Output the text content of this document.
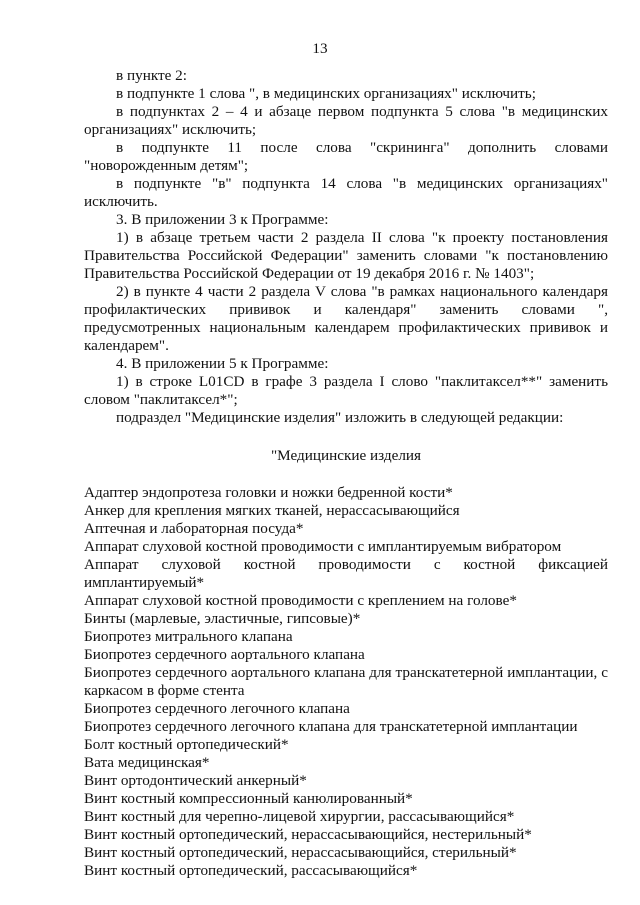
13

в пункте 2:

в подпункте 1 слова ", в медицинских организациях" исключить;

в подпунктах 2 – 4 и абзаце первом подпункта 5 слова "в медицинских организациях" исключить;

в подпункте 11 после слова "скрининга" дополнить словами "новорожденным детям";

в подпункте "в" подпункта 14 слова "в медицинских организациях" исключить.

3. В приложении 3 к Программе:

1) в абзаце третьем части 2 раздела II слова "к проекту постановления Правительства Российской Федерации" заменить словами "к постановлению Правительства Российской Федерации от 19 декабря 2016 г. № 1403";

2) в пункте 4 части 2 раздела V слова "в рамках национального календаря профилактических прививок и календаря" заменить словами ", предусмотренных национальным календарем профилактических прививок и календарем".

4. В приложении 5 к Программе:

1) в строке L01CD в графе 3 раздела I слово "паклитаксел**" заменить словом "паклитаксел*";

подраздел "Медицинские изделия" изложить в следующей редакции:

"Медицинские изделия

Адаптер эндопротеза головки и ножки бедренной кости*

Анкер для крепления мягких тканей, нерассасывающийся

Аптечная и лабораторная посуда*

Аппарат слуховой костной проводимости с имплантируемым вибратором

Аппарат слуховой костной проводимости с костной фиксацией имплантируемый*

Аппарат слуховой костной проводимости с креплением на голове*

Бинты (марлевые, эластичные, гипсовые)*

Биопротез митрального клапана

Биопротез сердечного аортального клапана

Биопротез сердечного аортального клапана для транскатетерной имплантации, с каркасом в форме стента

Биопротез сердечного легочного клапана

Биопротез сердечного легочного клапана для транскатетерной имплантации

Болт костный ортопедический*

Вата медицинская*

Винт ортодонтический анкерный*

Винт костный компрессионный канюлированный*

Винт костный для черепно-лицевой хирургии, рассасывающийся*

Винт костный ортопедический, нерассасывающийся, нестерильный*

Винт костный ортопедический, нерассасывающийся, стерильный*

Винт костный ортопедический, рассасывающийся*
